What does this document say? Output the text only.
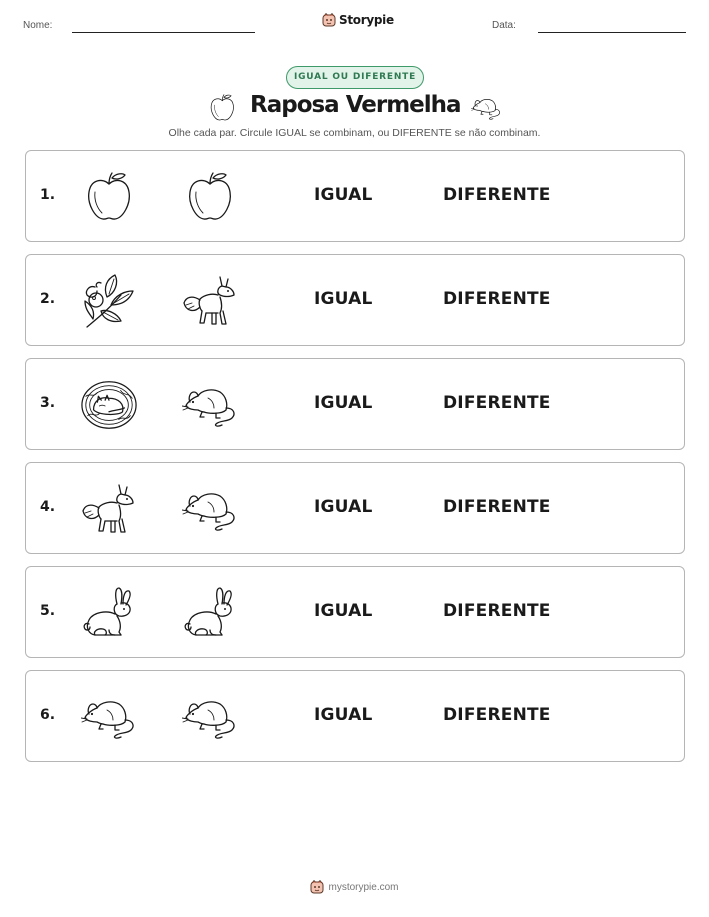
Nome:	Storypie	Data:
IGUAL OU DIFERENTE
Raposa Vermelha
Olhe cada par. Circule IGUAL se combinam, ou DIFERENTE se não combinam.
1.	IGUAL	DIFERENTE
2.	IGUAL	DIFERENTE
3.	IGUAL	DIFERENTE
4.	IGUAL	DIFERENTE
5.	IGUAL	DIFERENTE
6.	IGUAL	DIFERENTE
mystorypie.com
